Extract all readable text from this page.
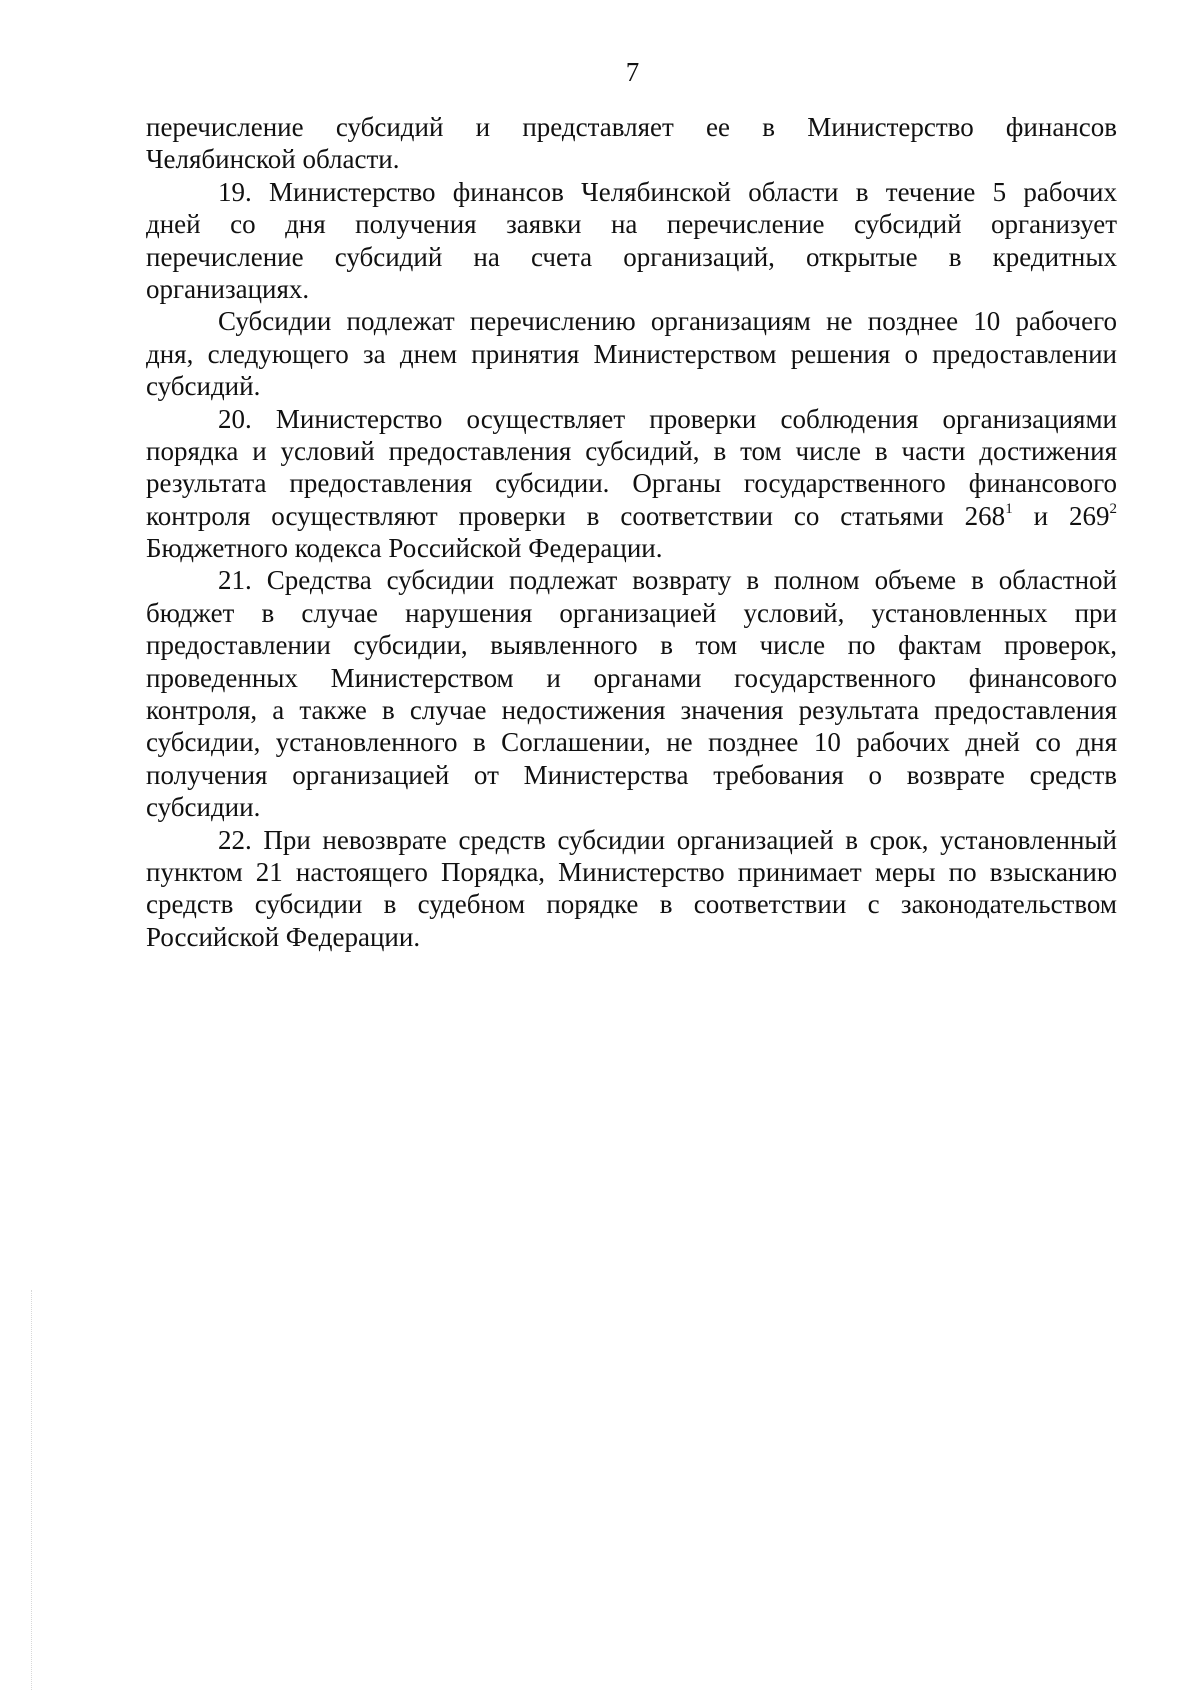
7
перечисление субсидий и представляет ее в Министерство финансов
Челябинской области.
19. Министерство финансов Челябинской области в течение 5 рабочих
дней со дня получения заявки на перечисление субсидий организует
перечисление субсидий на счета организаций, открытые в кредитных
организациях.
Субсидии подлежат перечислению организациям не позднее 10 рабочего
дня, следующего за днем принятия Министерством решения о предоставлении
субсидий.
20. Министерство осуществляет проверки соблюдения организациями
порядка и условий предоставления субсидий, в том числе в части достижения
результата предоставления субсидии. Органы государственного финансового
контроля осуществляют проверки в соответствии со статьями $268^1$ и $269^2$
Бюджетного кодекса Российской Федерации.
21. Средства субсидии подлежат возврату в полном объеме в областной
бюджет в случае нарушения организацией условий, установленных при
предоставлении субсидии, выявленного в том числе по фактам проверок,
проведенных Министерством и органами государственного финансового
контроля, а также в случае недостижения значения результата предоставления
субсидии, установленного в Соглашении, не позднее 10 рабочих дней со дня
получения организацией от Министерства требования о возврате средств
субсидии.
22. При невозврате средств субсидии организацией в срок, установленный
пунктом 21 настоящего Порядка, Министерство принимает меры по взысканию
средств субсидии в судебном порядке в соответствии с законодательством
Российской Федерации.
